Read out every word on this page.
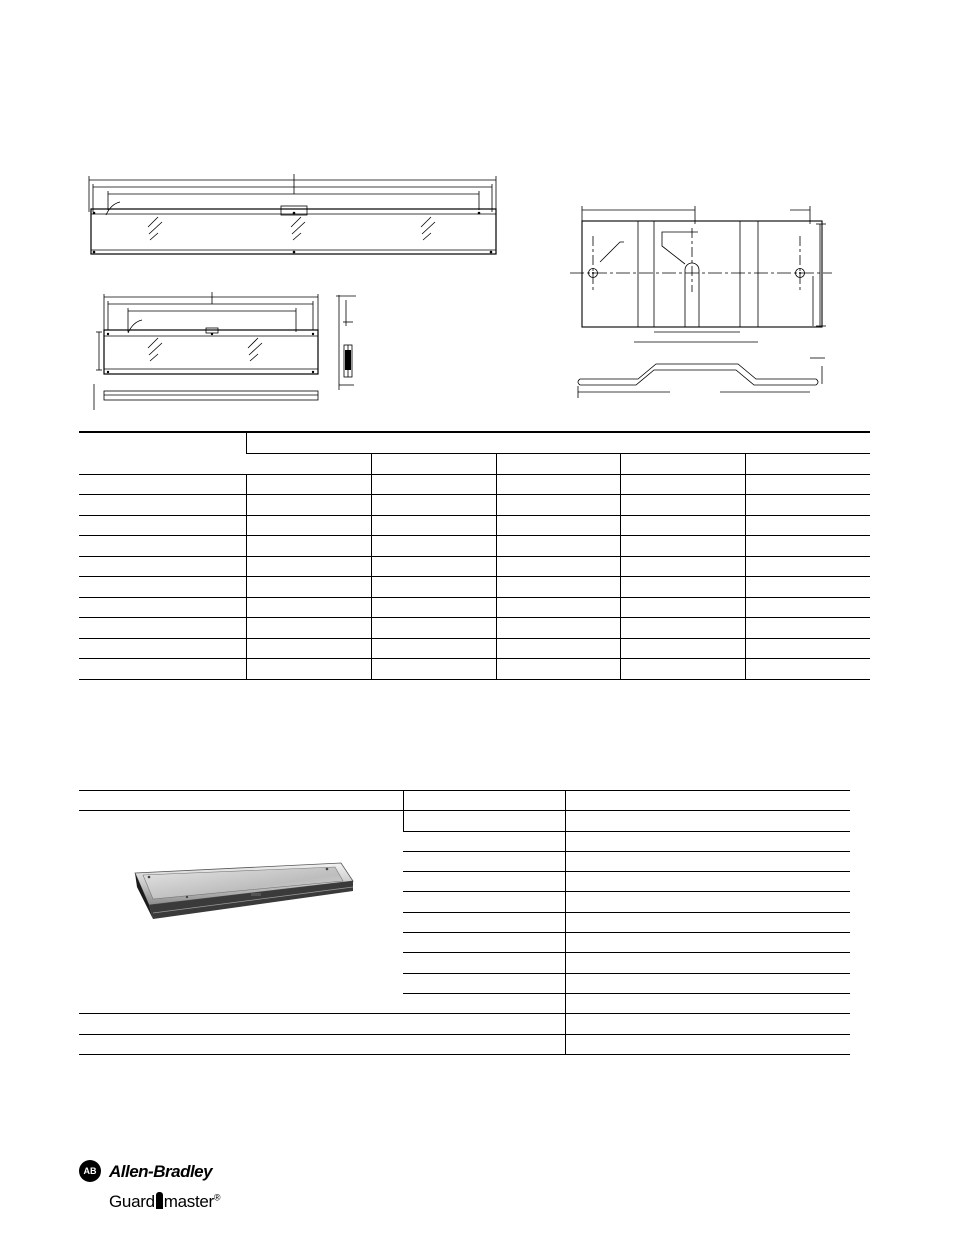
AB Allen-Bradley
Guard master®
